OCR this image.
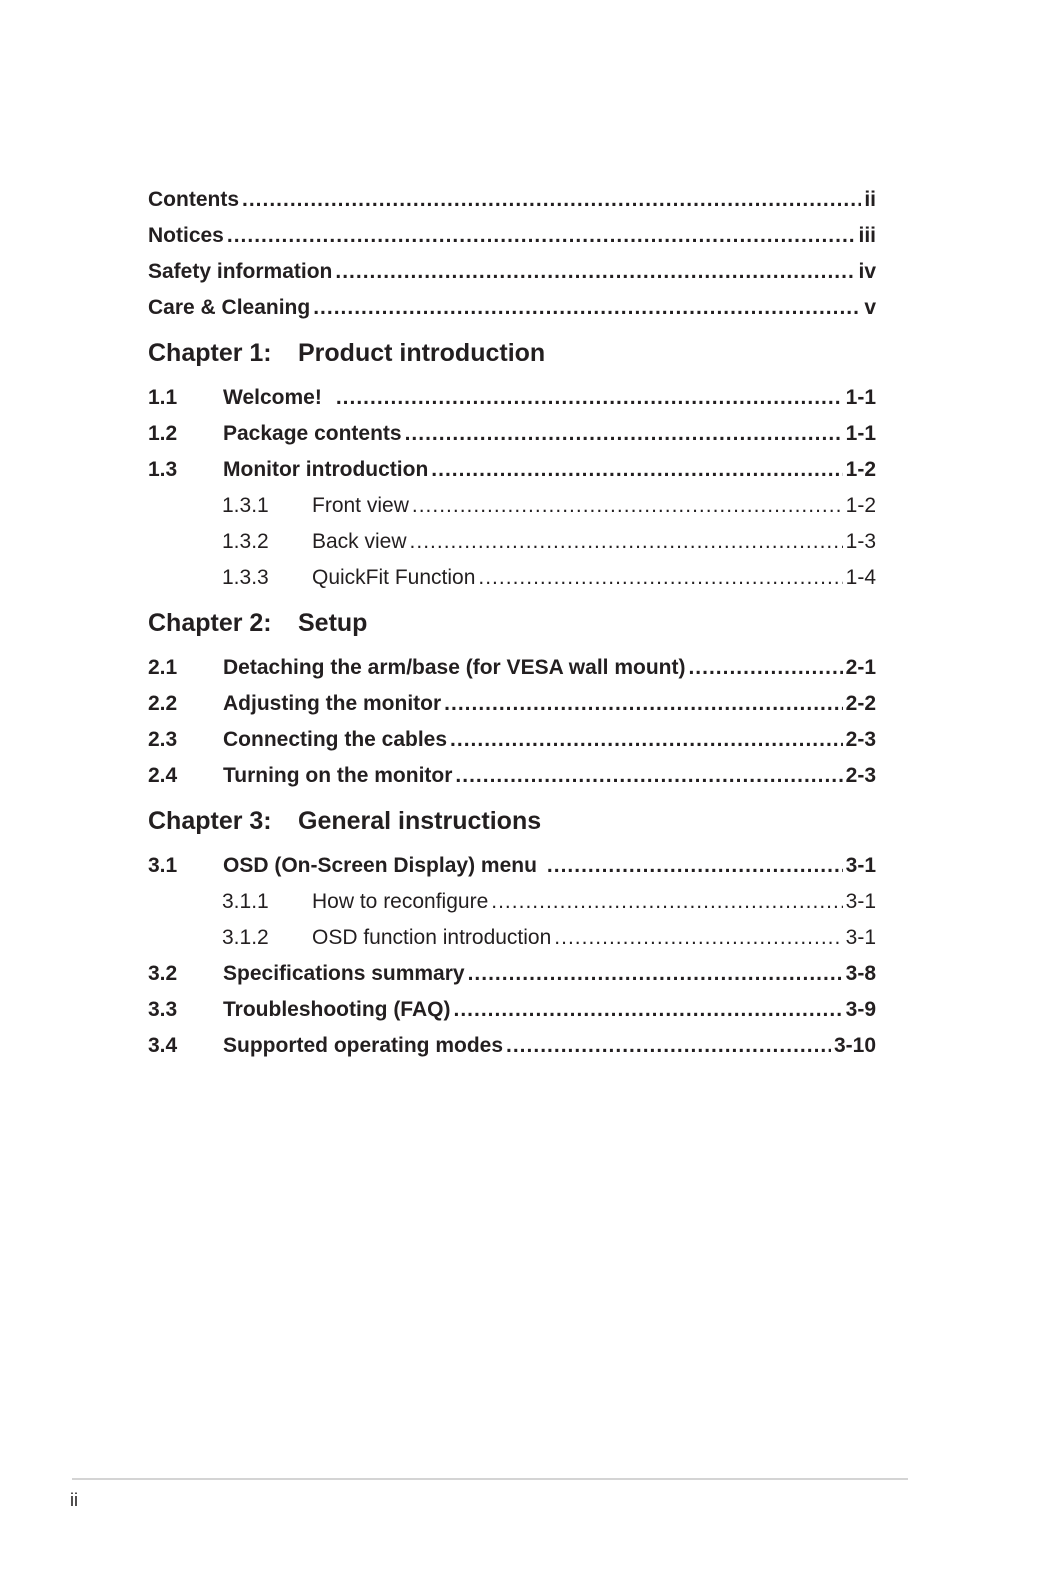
Contents .....	ii
Notices .....	iii
Safety information .....	iv
Care & Cleaning .....	v
Chapter 1:	Product introduction
1.1	Welcome! .....	1-1
1.2	Package contents .....	1-1
1.3	Monitor introduction .....	1-2
1.3.1	Front view .....	1-2
1.3.2	Back view .....	1-3
1.3.3	QuickFit Function .....	1-4
Chapter 2:	Setup
2.1	Detaching the arm/base (for VESA wall mount) .....	2-1
2.2	Adjusting the monitor .....	2-2
2.3	Connecting the cables .....	2-3
2.4	Turning on the monitor .....	2-3
Chapter 3:	General instructions
3.1	OSD (On-Screen Display) menu .....	3-1
3.1.1	How to reconfigure .....	3-1
3.1.2	OSD function introduction .....	3-1
3.2	Specifications summary .....	3-8
3.3	Troubleshooting (FAQ) .....	3-9
3.4	Supported operating modes .....	3-10
ii
